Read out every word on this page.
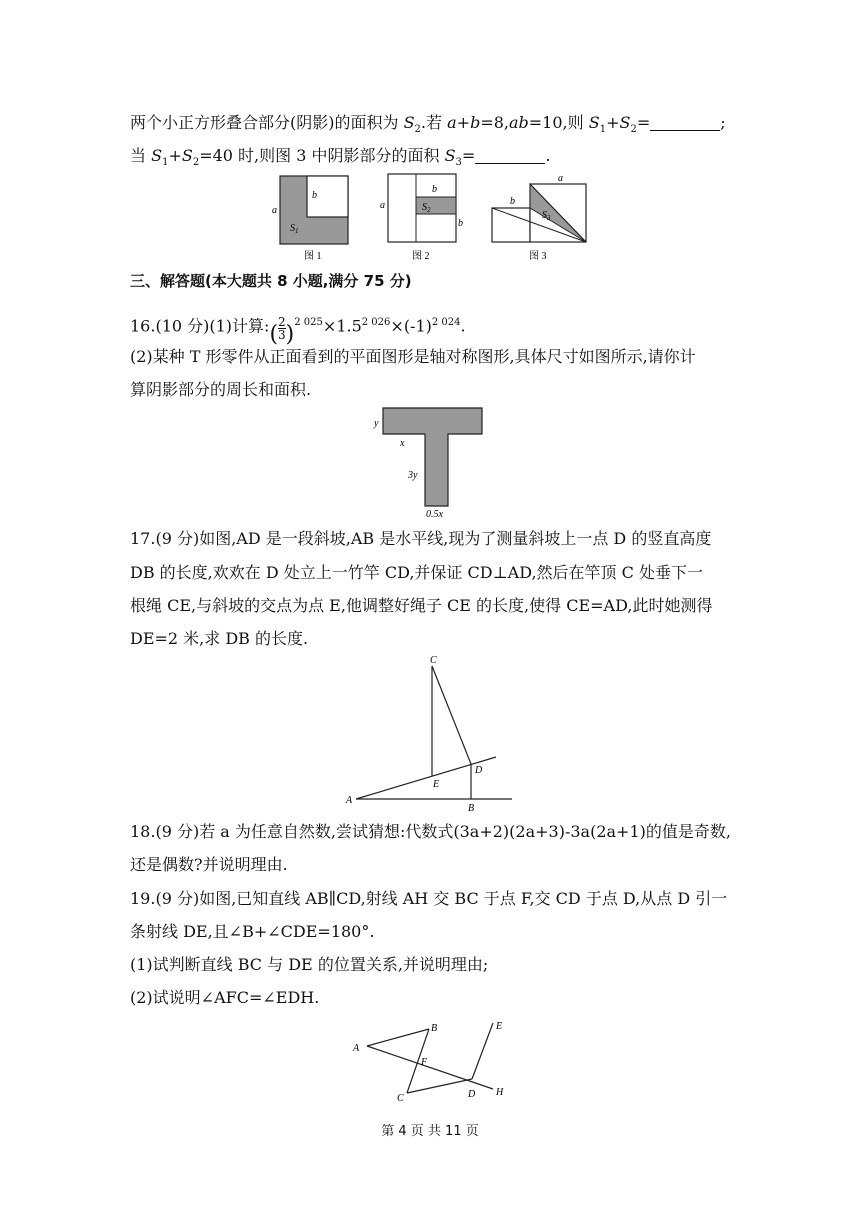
两个小正方形叠合部分(阴影)的面积为 $S_2$.若 a+b=8,ab=10,则 $S_1+S_2=$	;
当 $S_1+S_2=40$ 时,则图 3 中阴影部分的面积 $S_3=$	.
a
b
$S_1$
图 1
a
b
b
$S_2$
图 2
a
b
$S_3$
图 3
三、解答题(本大题共 8 小题,满分 75 分)
16.(10 分)(1)计算:( $\frac{2}{3} )^{2 025}\times 1.5^{2 026}\times(-1)^{2 024}$.
(2)某种 T 形零件从正面看到的平面图形是轴对称图形,具体尺寸如图所示,请你计
算阴影部分的周长和面积.
y
x
3y
0.5x
17.(9 分)如图,AD 是一段斜坡,AB 是水平线,现为了测量斜坡上一点 D 的竖直高度
DB 的长度,欢欢在 D 处立上一竹竿 CD,并保证 CD⊥AD,然后在竿顶 C 处垂下一
根绳 CE,与斜坡的交点为点 E,他调整好绳子 CE 的长度,使得 CE=AD,此时她测得
DE=2 米,求 DB 的长度.
C
D
E
A
B
18.(9 分)若 a 为任意自然数,尝试猜想:代数式(3a+2)(2a+3)-3a(2a+1)的值是奇数,
还是偶数?并说明理由.
19.(9 分)如图,已知直线 AB∥CD,射线 AH 交 BC 于点 F,交 CD 于点 D,从点 D 引一
条射线 DE,且∠B+∠CDE=180°.
(1)试判断直线 BC 与 DE 的位置关系,并说明理由;
(2)试说明∠AFC=∠EDH.
A
B
C	D
E
F
H
第 4 页 共 11 页
